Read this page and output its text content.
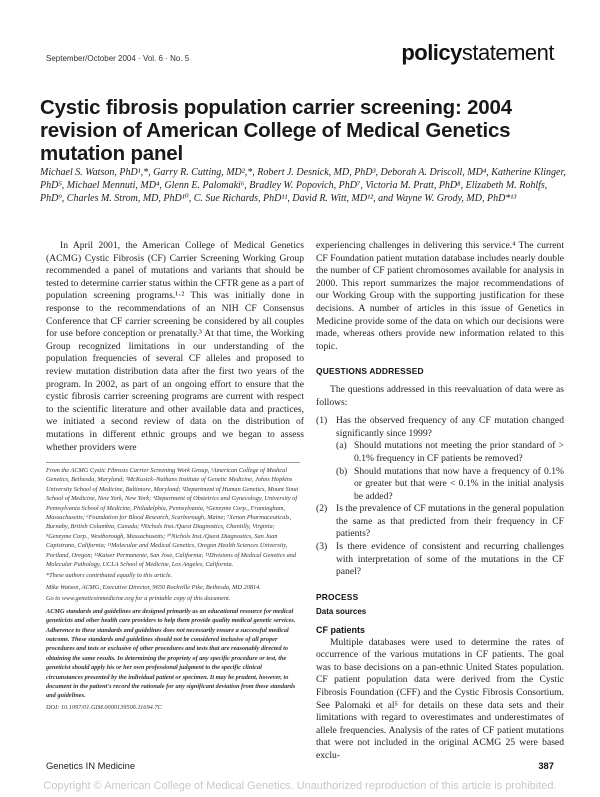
September/October 2004 · Vol. 6 · No. 5	policystatement
Cystic fibrosis population carrier screening: 2004 revision of American College of Medical Genetics mutation panel
Michael S. Watson, PhD¹,*, Garry R. Cutting, MD²,*, Robert J. Desnick, MD, PhD³, Deborah A. Driscoll, MD⁴, Katherine Klinger, PhD⁵, Michael Mennuti, MD⁴, Glenn E. Palomaki⁶, Bradley W. Popovich, PhD⁷, Victoria M. Pratt, PhD⁸, Elizabeth M. Rohlfs, PhD⁹, Charles M. Strom, MD, PhD¹⁰, C. Sue Richards, PhD¹¹, David R. Witt, MD¹², and Wayne W. Grody, MD, PhD*¹³

In April 2001, the American College of Medical Genetics (ACMG) Cystic Fibrosis (CF) Carrier Screening Working Group recommended a panel of mutations and variants that should be tested to determine carrier status within the CFTR gene as a part of population screening programs.¹·² This was initially done in response to the recommendations of an NIH CF Consensus Conference that CF carrier screening be considered by all couples for use before conception or prenatally.³ At that time, the Working Group recognized limitations in our understanding of the population frequencies of several CF alleles and proposed to review mutation distribution data after the first two years of the program. In 2002, as part of an ongoing effort to ensure that the cystic fibrosis carrier screening programs are current with respect to the scientific literature and other available data and practices, we initiated a second review of data on the distribution of mutations in different ethnic groups and we began to assess whether providers were

From the ACMG Cystic Fibrosis Carrier Screening Work Group, ¹American College of Medical Genetics, Bethesda, Maryland; ²McKusick–Nathans Institute of Genetic Medicine, Johns Hopkins University School of Medicine, Baltimore, Maryland; ³Department of Human Genetics, Mount Sinai School of Medicine, New York, New York; ⁴Department of Obstetrics and Gynecology, University of Pennsylvania School of Medicine, Philadelphia, Pennsylvania, ⁵Genzyme Corp., Framingham, Massachusetts; ⁶Foundation for Blood Research, Scarborough, Maine; ⁷Xenon Pharmaceuticals, Burnaby, British Columbia, Canada; ⁸Nichols Inst./Quest Diagnostics, Chantilly, Virginia; ⁹Genzyme Corp., Westborough, Massachusetts; ¹⁰Nichols Inst./Quest Diagnostics, San Juan Capistrano, California; ¹¹Molecular and Medical Genetics, Oregon Health Sciences University, Portland, Oregon; ¹²Kaiser Permanente, San Jose, California; ¹³Divisions of Medical Genetics and Molecular Pathology, UCLA School of Medicine, Los Angeles, California.

*These authors contributed equally to this article.

Mike Watson, ACMG, Executive Director, 9650 Rockville Pike, Bethesda, MD 20814.

Go to www.geneticsinmedicine.org for a printable copy of this document.

ACMG standards and guidelines are designed primarily as an educational resource for medical geneticists and other health care providers to help them provide quality medical genetic services. Adherence to these standards and guidelines does not necessarily ensure a successful medical outcome. These standards and guidelines should not be considered inclusive of all proper procedures and tests or exclusive of other procedures and tests that are reasonably directed to obtaining the same results. In determining the propriety of any specific procedure or test, the geneticist should apply his or her own professional judgment to the specific clinical circumstances presented by the individual patient or specimen. It may be prudent, however, to document in the patient's record the rationale for any significant deviation from these standards and guidelines.

DOI: 10.1097/01.GIM.0000139506.11694.7C

experiencing challenges in delivering this service.⁴ The current CF Foundation patient mutation database includes nearly double the number of CF patient chromosomes available for analysis in 2000. This report summarizes the major recommendations of our Working Group with the supporting justification for these decisions. A number of articles in this issue of Genetics in Medicine provide some of the data on which our decisions were made, whereas others provide new information related to this topic.

QUESTIONS ADDRESSED

The questions addressed in this reevaluation of data were as follows:

(1) Has the observed frequency of any CF mutation changed significantly since 1999?
(a) Should mutations not meeting the prior standard of > 0.1% frequency in CF patients be removed?
(b) Should mutations that now have a frequency of 0.1% or greater but that were < 0.1% in the initial analysis be added?
(2) Is the prevalence of CF mutations in the general population the same as that predicted from their frequency in CF patients?
(3) Is there evidence of consistent and recurring challenges with interpretation of some of the mutations in the CF panel?
PROCESS
Data sources
CF patients

Multiple databases were used to determine the rates of occurrence of the various mutations in CF patients. The goal was to base decisions on a pan-ethnic United States population. CF patient population data were derived from the Cystic Fibrosis Foundation (CFF) and the Cystic Fibrosis Consortium. See Palomaki et al⁵ for details on these data sets and their limitations with regard to overestimates and underestimates of allele frequencies. Analysis of the rates of CF patient mutations that were not included in the original ACMG 25 were based exclu-

Genetics IN Medicine	387
Copyright © American College of Medical Genetics. Unauthorized reproduction of this article is prohibited.
